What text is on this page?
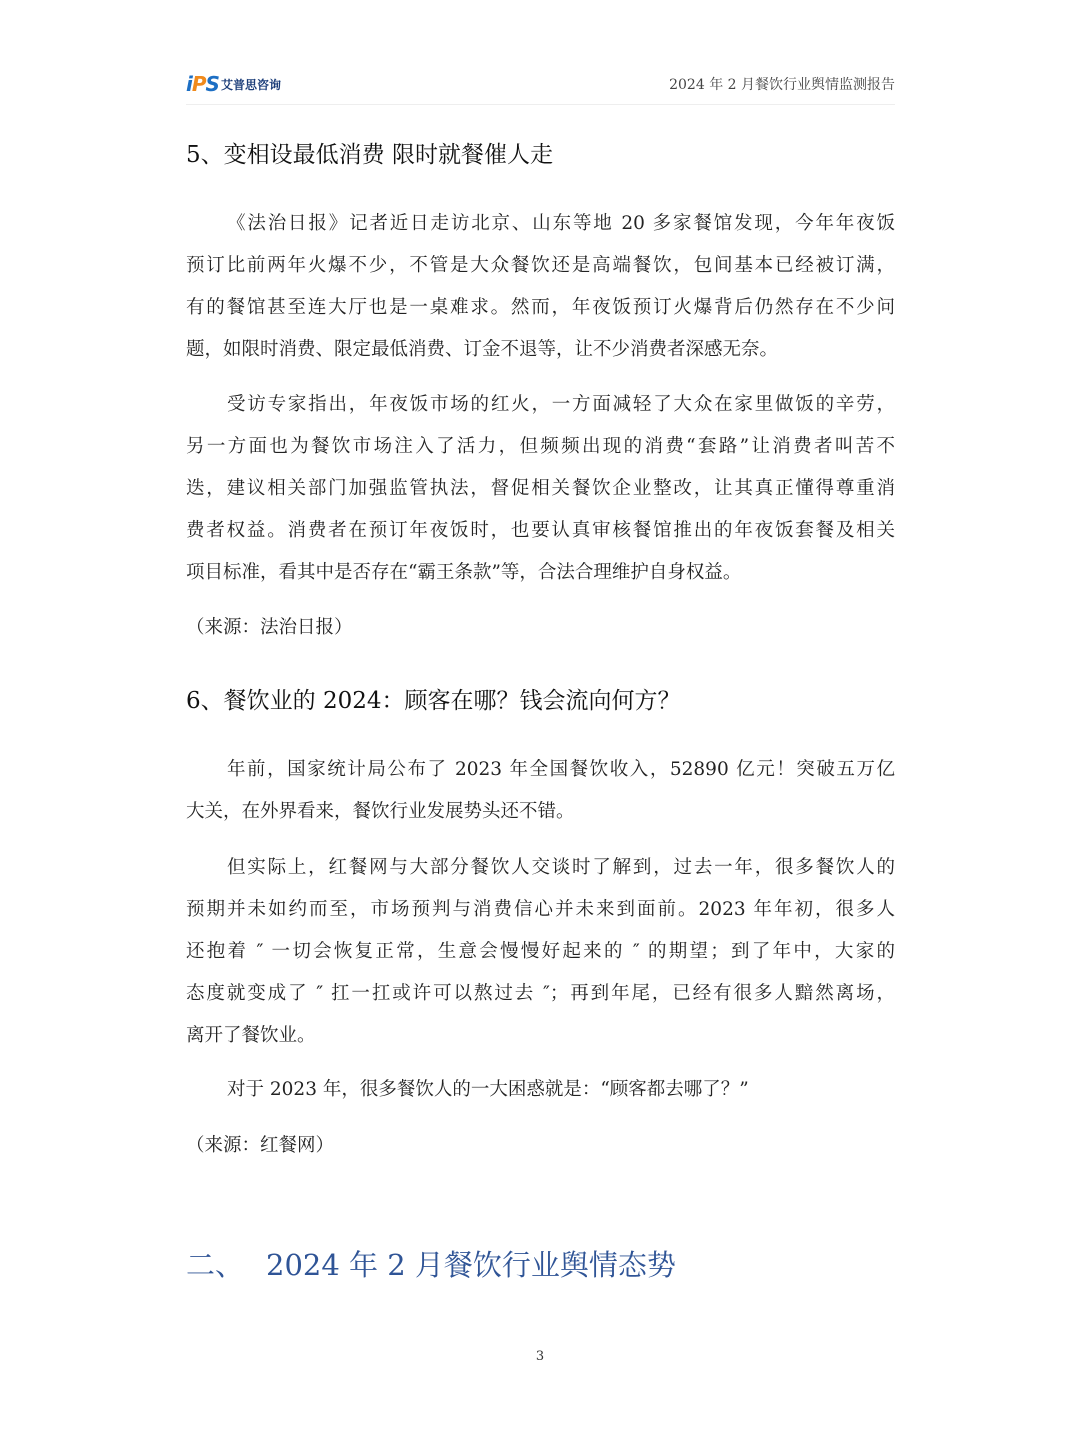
iPS 艾普思咨询	2024 年 2 月餐饮行业舆情监测报告
5、变相设最低消费 限时就餐催人走
《法治日报》记者近日走访北京、山东等地 20 多家餐馆发现，今年年夜饭
预订比前两年火爆不少，不管是大众餐饮还是高端餐饮，包间基本已经被订满，
有的餐馆甚至连大厅也是一桌难求。然而，年夜饭预订火爆背后仍然存在不少问
题，如限时消费、限定最低消费、订金不退等，让不少消费者深感无奈。
受访专家指出，年夜饭市场的红火，一方面减轻了大众在家里做饭的辛劳，
另一方面也为餐饮市场注入了活力，但频频出现的消费“套路”让消费者叫苦不
迭，建议相关部门加强监管执法，督促相关餐饮企业整改，让其真正懂得尊重消
费者权益。消费者在预订年夜饭时，也要认真审核餐馆推出的年夜饭套餐及相关
项目标准，看其中是否存在“霸王条款”等，合法合理维护自身权益。
（来源：法治日报）
6、餐饮业的 2024：顾客在哪？钱会流向何方？
年前，国家统计局公布了 2023 年全国餐饮收入，52890 亿元！突破五万亿
大关，在外界看来，餐饮行业发展势头还不错。
但实际上，红餐网与大部分餐饮人交谈时了解到，过去一年，很多餐饮人的
预期并未如约而至，市场预判与消费信心并未来到面前。2023 年年初，很多人
还抱着 ″ 一切会恢复正常，生意会慢慢好起来的 ″ 的期望；到了年中，大家的
态度就变成了 ″ 扛一扛或许可以熬过去 ″；再到年尾，已经有很多人黯然离场，
离开了餐饮业。
对于 2023 年，很多餐饮人的一大困惑就是：“顾客都去哪了？”
（来源：红餐网）
二、 2024 年 2 月餐饮行业舆情态势
3
